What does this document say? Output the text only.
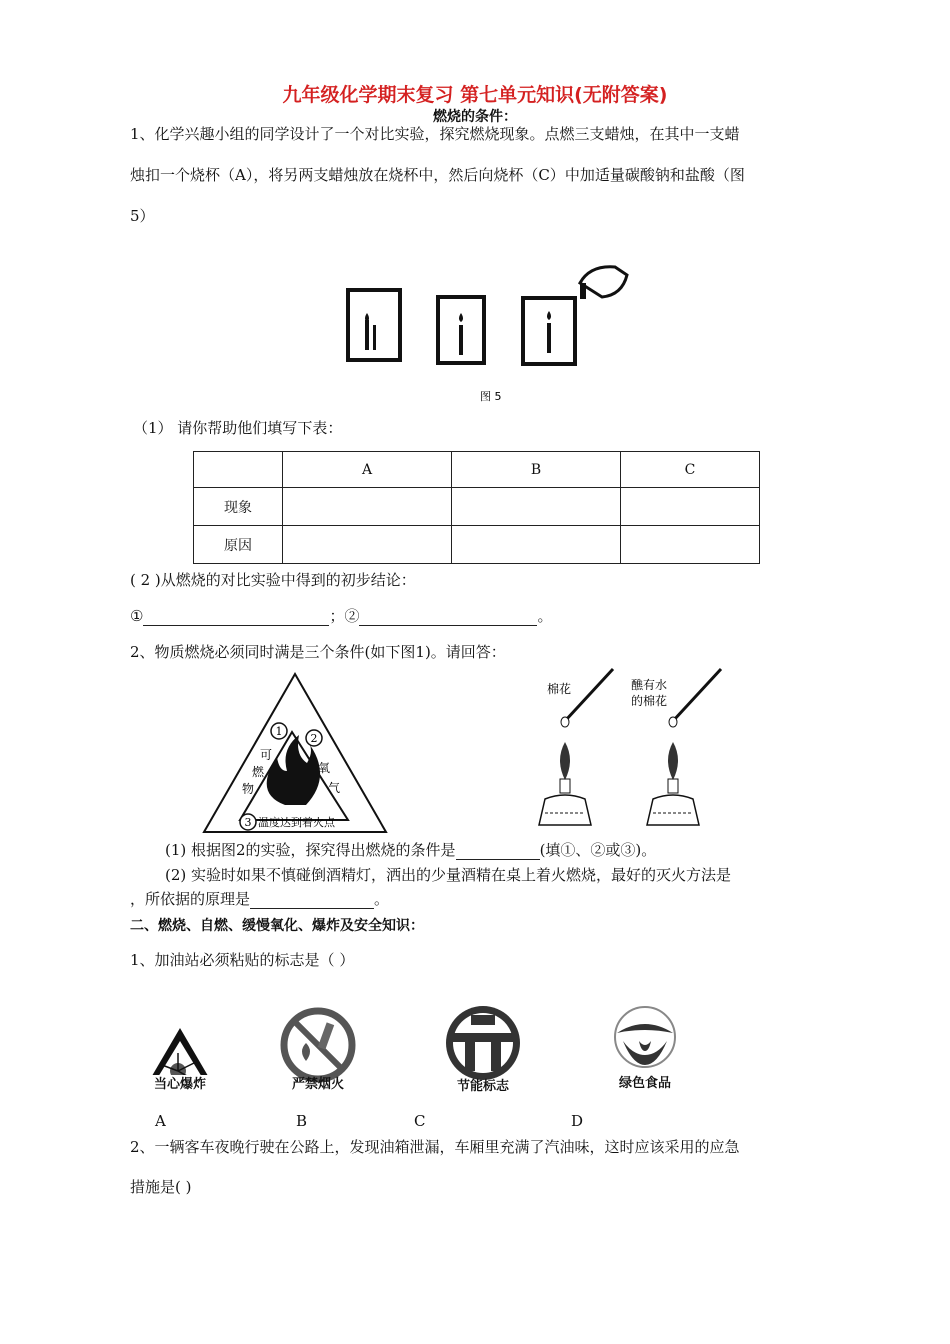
九年级化学期末复习 第七单元知识(无附答案)
燃烧的条件：
1、化学兴趣小组的同学设计了一个对比实验，探究燃烧现象。点燃三支蜡烛，在其中一支蜡
烛扣一个烧杯（A），将另两支蜡烛放在烧杯中，然后向烧杯（C）中加适量碳酸钠和盐酸（图
5）
图 5
（1） 请你帮助他们填写下表：
	A	B	C
现象			
原因			
( 2 )从燃烧的对比实验中得到的初步结论：
①	；②	。
2、物质燃烧必须同时满是三个条件(如下图1)。请回答：
1
2
3
可
燃
物
氧
气
温度达到着火点
棉花	醮有水
的棉花
(1) 根据图2的实验，探究得出燃烧的条件是	(填①、②或③)。
(2) 实验时如果不慎碰倒酒精灯，洒出的少量酒精在桌上着火燃烧，最好的灭火方法是
，所依据的原理是	。
二、燃烧、自燃、缓慢氧化、爆炸及安全知识：
1、加油站必须粘贴的标志是（ ）
当心爆炸	严禁烟火	节能标志	绿色食品
A	B	C	D
2、一辆客车夜晚行驶在公路上，发现油箱泄漏，车厢里充满了汽油味，这时应该采用的应急
措施是( )
